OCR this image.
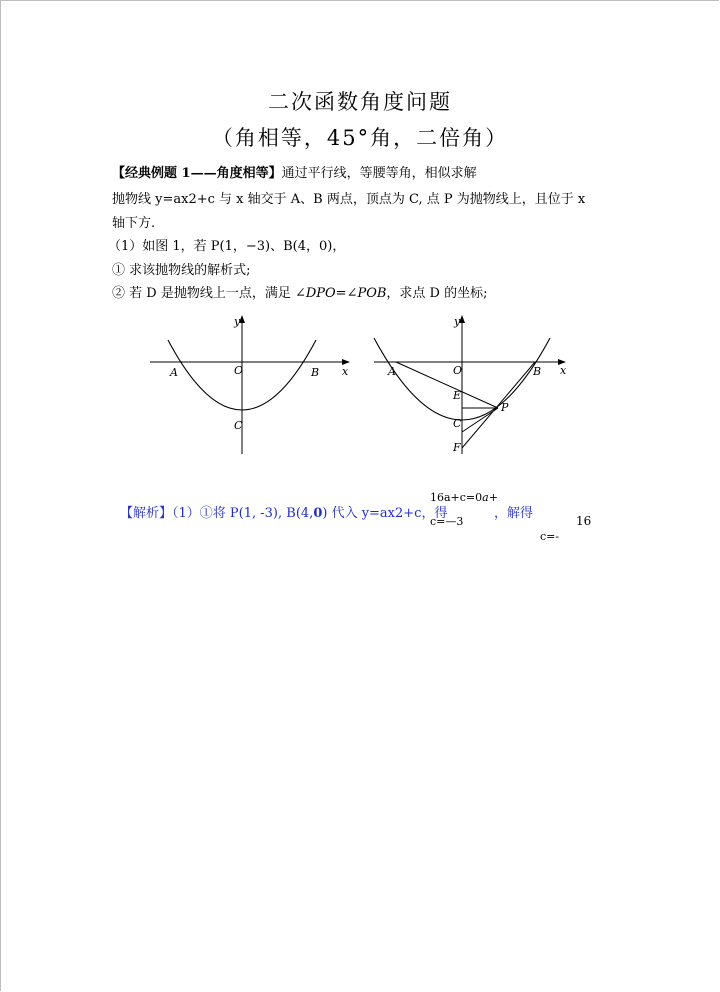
二次函数角度问题
（角相等，45°角，二倍角）
【经典例题 1——角度相等】通过平行线，等腰等角，相似求解
抛物线 y=ax2+c 与 x 轴交于 A、B 两点，顶点为 C, 点 P 为抛物线上，且位于 x
轴下方.
（1）如图 1，若 P(1，−3)、B(4，0)，
① 求该抛物线的解析式;
② 若 D 是抛物线上一点，满足 ∠DPO=∠POB，求点 D 的坐标;
y
x
O
A	B
C
y
x
O
A	B
E
P
C
F
【解析】（1）①将 P(1, -3), B(4,0) 代入 y=ax2+c，得
16a+c=0a+
c=—3
，解得	16
c=-
